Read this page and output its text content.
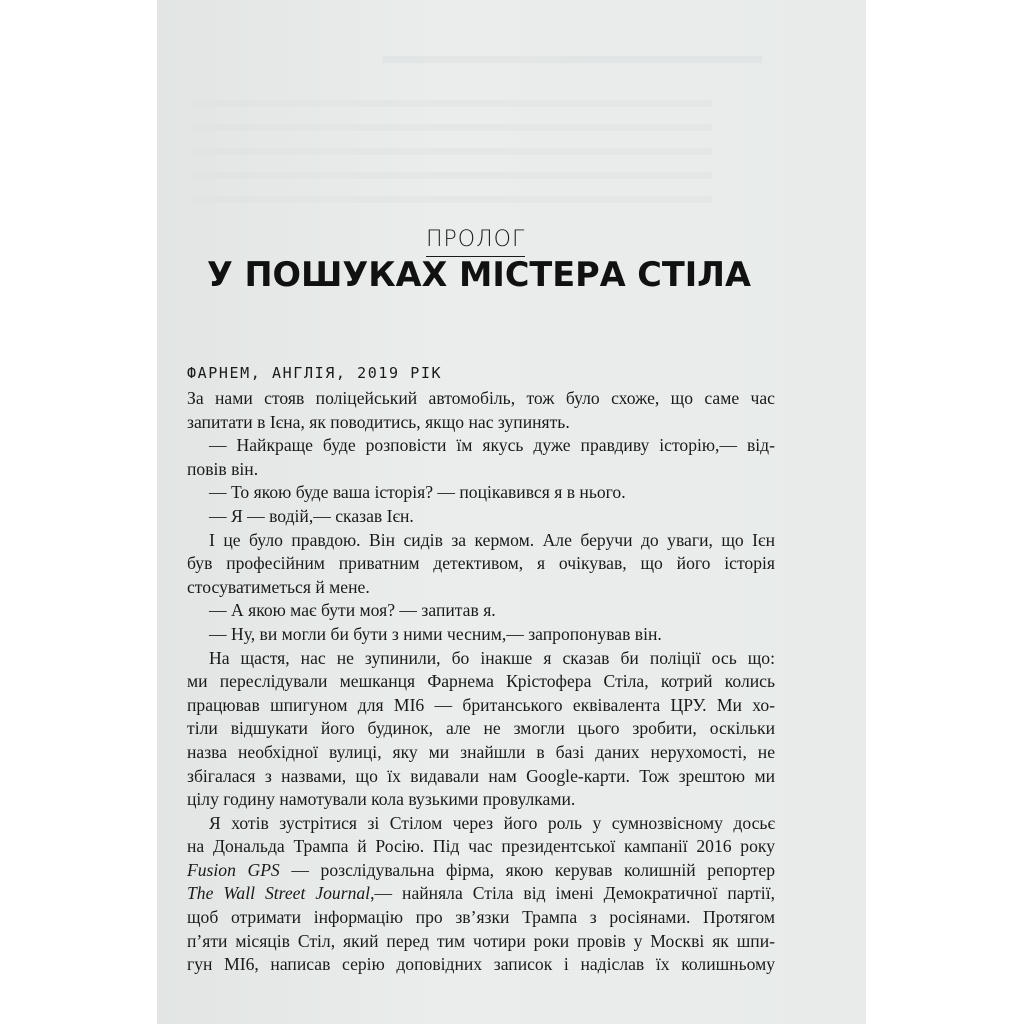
ПРОЛОГ
У ПОШУКАХ МІСТЕРА СТІЛА
ФАРНЕМ, АНГЛІЯ, 2019 РІК
За нами стояв поліцейський автомобіль, тож було схоже, що саме час
запитати в Ієна, як поводитись, якщо нас зупинять.
— Найкраще буде розповісти їм якусь дуже правдиву історію,— від-
повів він.
— То якою буде ваша історія? — поцікавився я в нього.
— Я — водій,— сказав Ієн.
І це було правдою. Він сидів за кермом. Але беручи до уваги, що Ієн
був професійним приватним детективом, я очікував, що його історія
стосуватиметься й мене.
— А якою має бути моя? — запитав я.
— Ну, ви могли би бути з ними чесним,— запропонував він.
На щастя, нас не зупинили, бо інакше я сказав би поліції ось що:
ми переслідували мешканця Фарнема Крістофера Стіла, котрий колись
працював шпигуном для MI6 — британського еквівалента ЦРУ. Ми хо-
тіли відшукати його будинок, але не змогли цього зробити, оскільки
назва необхідної вулиці, яку ми знайшли в базі даних нерухомості, не
збігалася з назвами, що їх видавали нам Google-карти. Тож зрештою ми
цілу годину намотували кола вузькими провулками.
Я хотів зустрітися зі Стілом через його роль у сумнозвісному досьє
на Дональда Трампа й Росію. Під час президентської кампанії 2016 року
Fusion GPS — розслідувальна фірма, якою керував колишній репортер
The Wall Street Journal,— найняла Стіла від імені Демократичної партії,
щоб отримати інформацію про зв’язки Трампа з росіянами. Протягом
п’яти місяців Стіл, який перед тим чотири роки провів у Москві як шпи-
гун MI6, написав серію доповідних записок і надіслав їх колишньому
